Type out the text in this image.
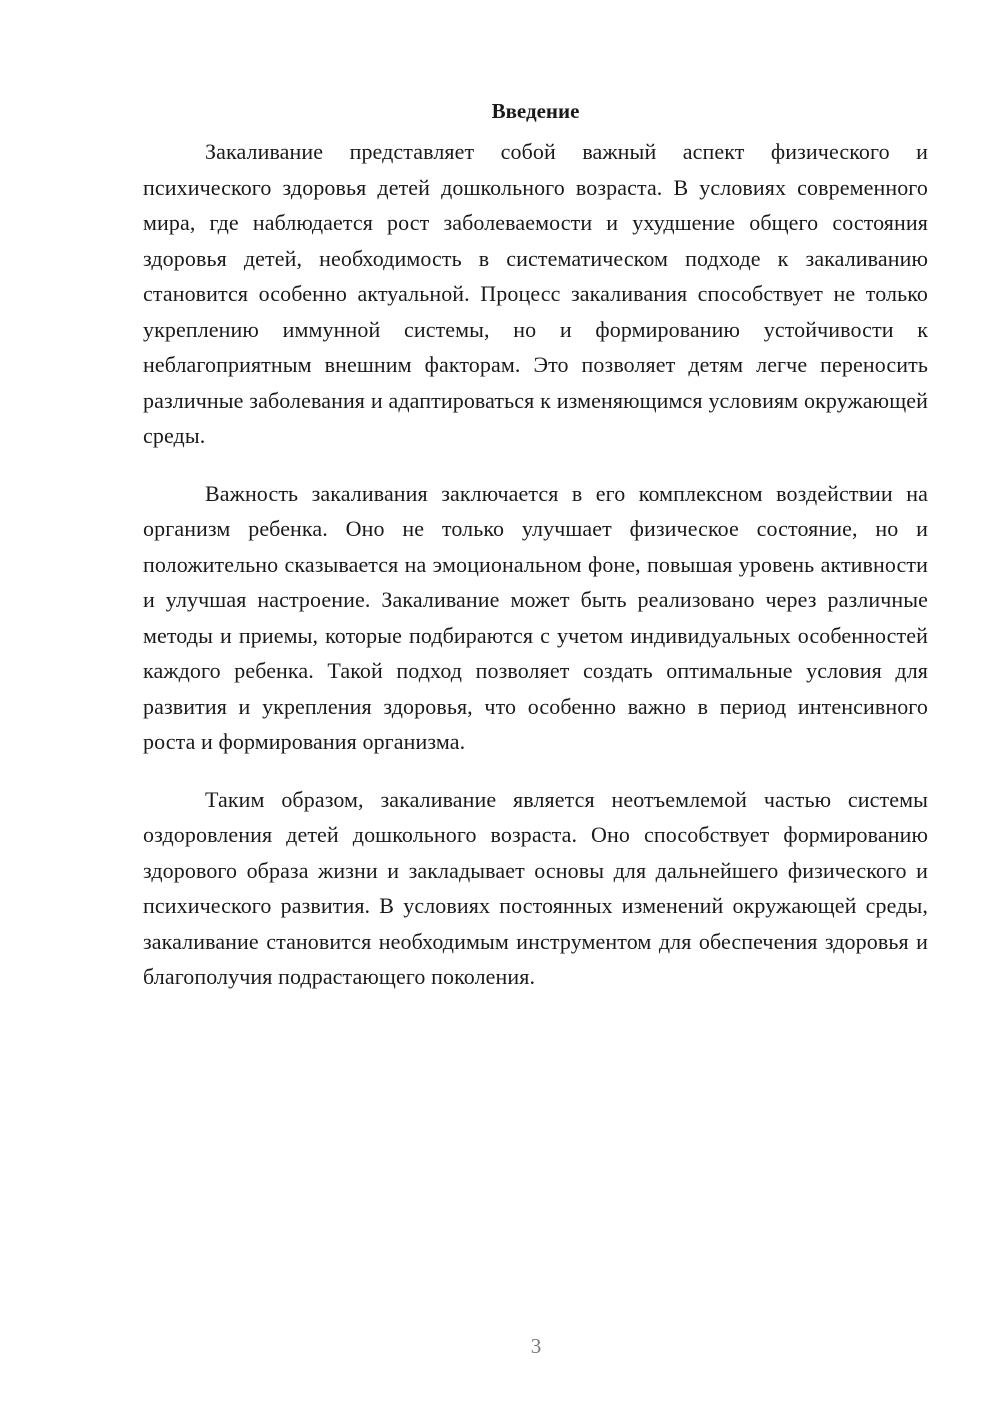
Введение

Закаливание представляет собой важный аспект физического и психического здоровья детей дошкольного возраста. В условиях современного мира, где наблюдается рост заболеваемости и ухудшение общего состояния здоровья детей, необходимость в систематическом подходе к закаливанию становится особенно актуальной. Процесс закаливания способствует не только укреплению иммунной системы, но и формированию устойчивости к неблагоприятным внешним факторам. Это позволяет детям легче переносить различные заболевания и адаптироваться к изменяющимся условиям окружающей среды.

Важность закаливания заключается в его комплексном воздействии на организм ребенка. Оно не только улучшает физическое состояние, но и положительно сказывается на эмоциональном фоне, повышая уровень активности и улучшая настроение. Закаливание может быть реализовано через различные методы и приемы, которые подбираются с учетом индивидуальных особенностей каждого ребенка. Такой подход позволяет создать оптимальные условия для развития и укрепления здоровья, что особенно важно в период интенсивного роста и формирования организма.

Таким образом, закаливание является неотъемлемой частью системы оздоровления детей дошкольного возраста. Оно способствует формированию здорового образа жизни и закладывает основы для дальнейшего физического и психического развития. В условиях постоянных изменений окружающей среды, закаливание становится необходимым инструментом для обеспечения здоровья и благополучия подрастающего поколения.

3
